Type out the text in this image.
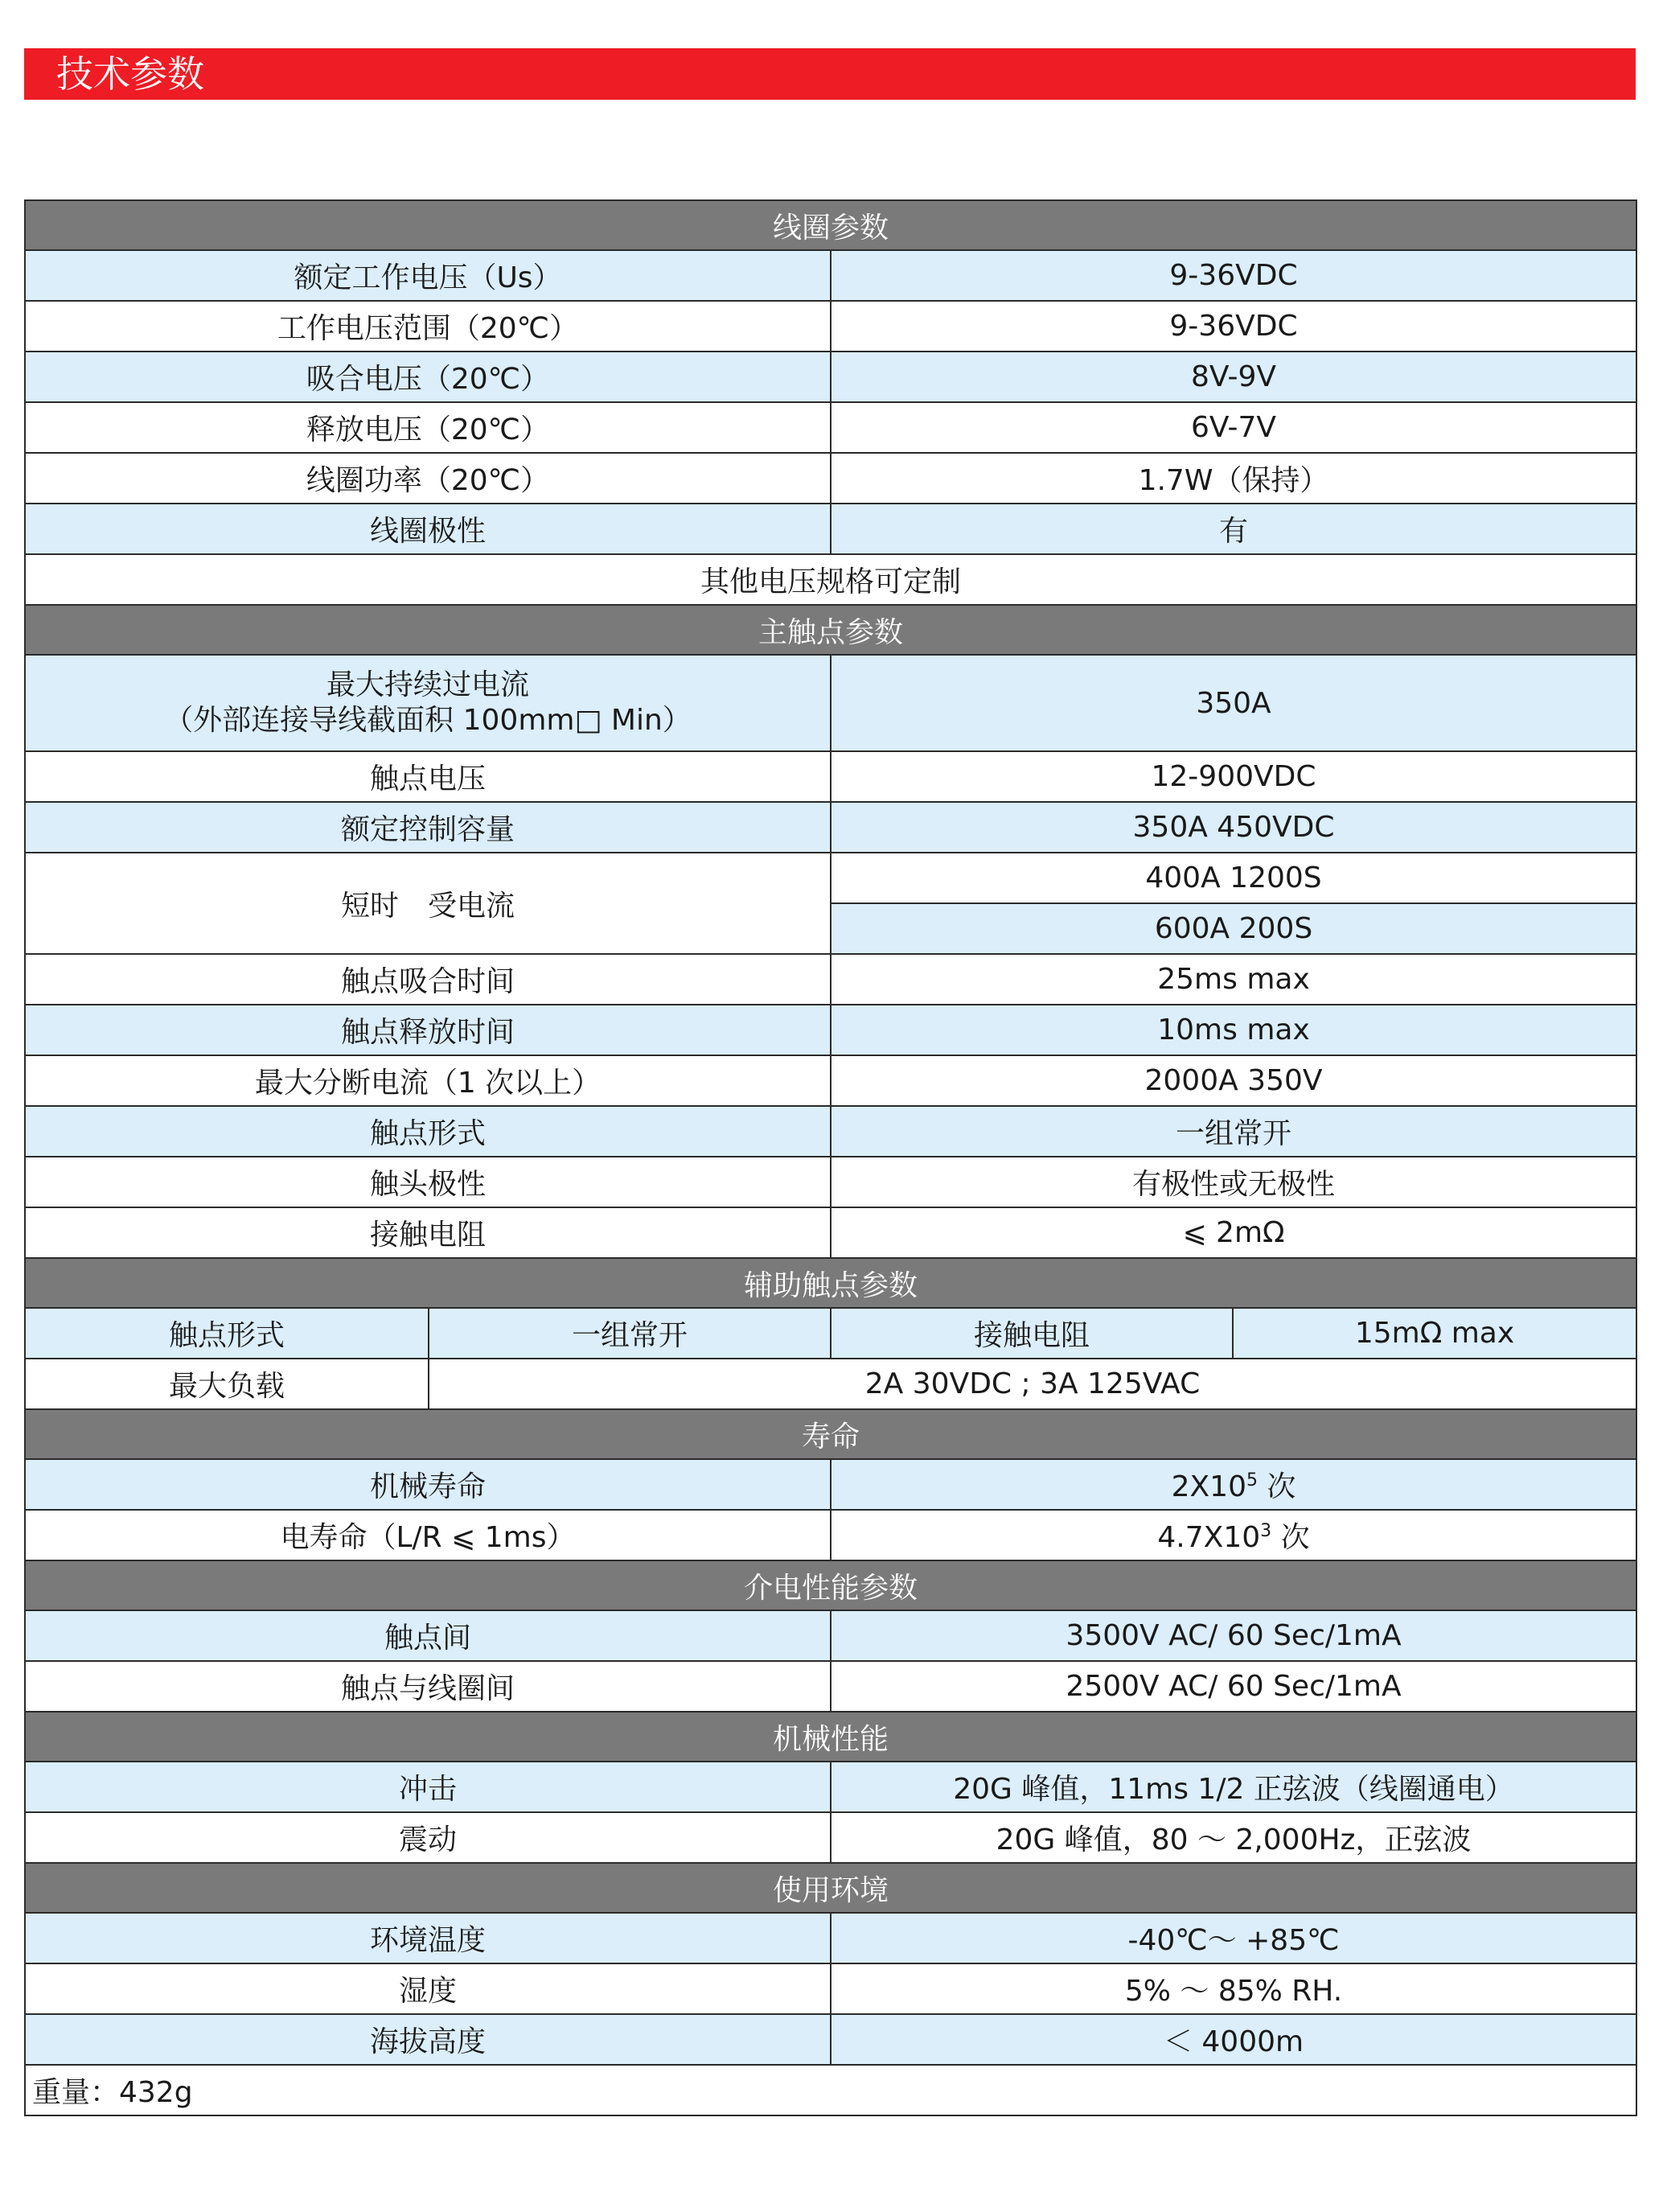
技术参数
线圈参数			
额定工作电压（Us）		9-36VDC	
工作电压范围（20℃）		9-36VDC	
吸合电压（20℃）		8V-9V	
释放电压（20℃）		6V-7V	
线圈功率（20℃）		1.7W（保持）	
线圈极性		有	
其他电压规格可定制			
主触点参数			

最大持续过电流
（外部连接导线截面积 100mm□ Min）		350A	
触点电压		12-900VDC	
额定控制容量		350A 450VDC	
短时　受电流		400A 1200S	
		600A 200S	
触点吸合时间		25ms max	
触点释放时间		10ms max	
最大分断电流（1 次以上）		2000A 350V	
触点形式		一组常开	
触头极性		有极性或无极性	
接触电阻		⩽ 2mΩ	
辅助触点参数			
触点形式	一组常开	接触电阻	15mΩ max
最大负载	2A 30VDC ; 3A 125VAC		
寿命			
机械寿命		$2X10^5$ 次	
电寿命（L/R ⩽ 1ms）		$4.7X10^3$ 次	
介电性能参数			
触点间		3500V AC/ 60 Sec/1mA	
触点与线圈间		2500V AC/ 60 Sec/1mA	
机械性能			
冲击		20G 峰值，11ms 1/2 正弦波（线圈通电）	
震动		20G 峰值，80 ～ 2,000Hz，正弦波	
使用环境			
环境温度		-40℃～ +85℃	
湿度		5% ～ 85% RH.	
海拔高度		＜ 4000m	
重量：432g			
